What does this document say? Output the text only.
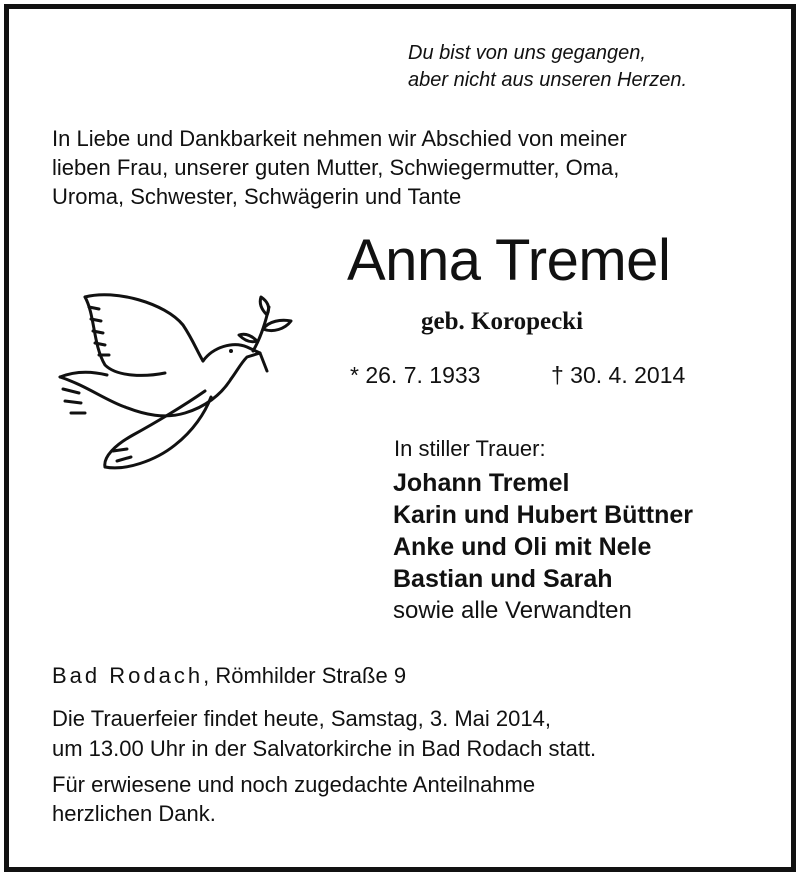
Du bist von uns gegangen,
aber nicht aus unseren Herzen.
In Liebe und Dankbarkeit nehmen wir Abschied von meiner
lieben Frau, unserer guten Mutter, Schwiegermutter, Oma,
Uroma, Schwester, Schwägerin und Tante
Anna Tremel
geb. Koropecki
* 26. 7. 1933	† 30. 4. 2014
In stiller Trauer:
Johann Tremel
Karin und Hubert Büttner
Anke und Oli mit Nele
Bastian und Sarah
sowie alle Verwandten
Bad Rodach, Römhilder Straße 9
Die Trauerfeier findet heute, Samstag, 3. Mai 2014,
um 13.00 Uhr in der Salvatorkirche in Bad Rodach statt.
Für erwiesene und noch zugedachte Anteilnahme
herzlichen Dank.
